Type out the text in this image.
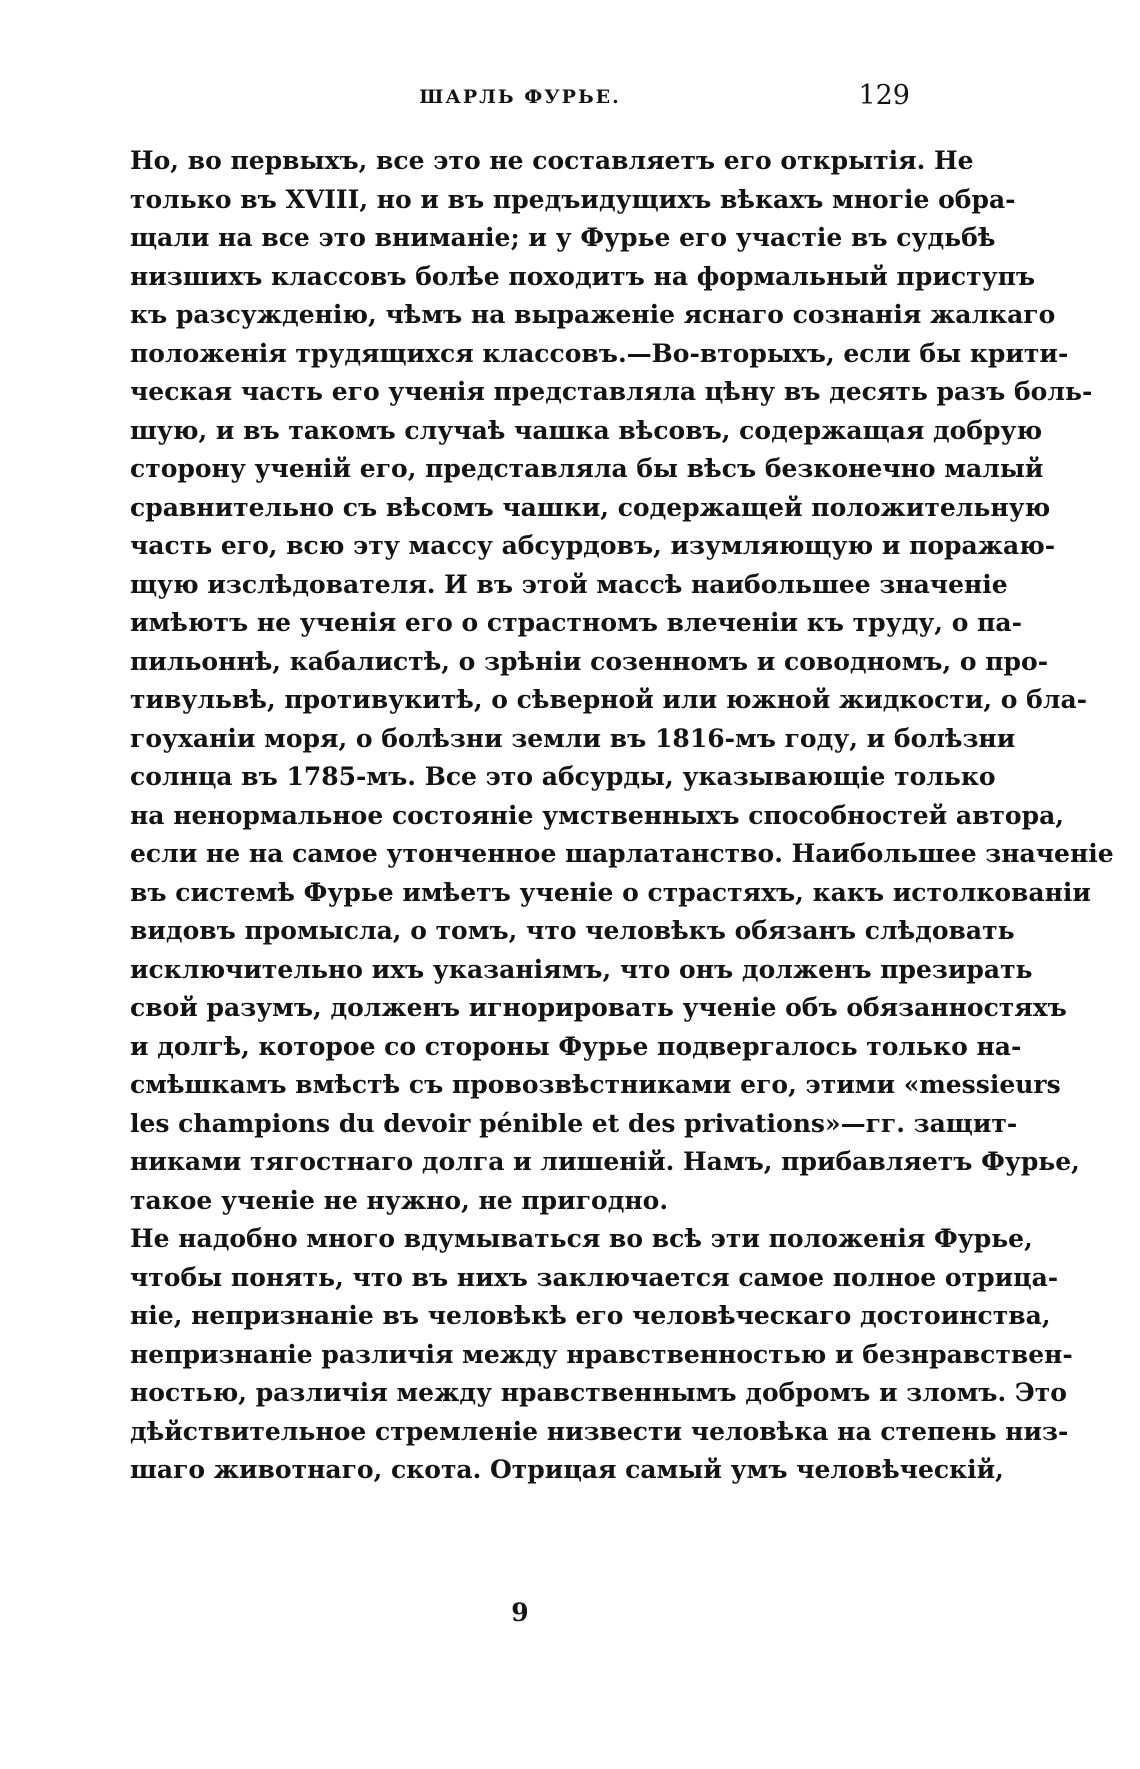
ШАРЛЬ ФУРЬЕ.	129
Но, во первыхъ, все это не составляетъ его открытія. Не
только въ XVIII, но и въ предъидущихъ вѣкахъ многіе обра-
щали на все это вниманіе; и у Фурье его участіе въ судьбѣ
низшихъ классовъ болѣе походитъ на формальный приступъ
къ разсужденію, чѣмъ на выраженіе яснаго сознанія жалкаго
положенія трудящихся классовъ.—Во-вторыхъ, если бы крити-
ческая часть его ученія представляла цѣну въ десять разъ боль-
шую, и въ такомъ случаѣ чашка вѣсовъ, содержащая добрую
сторону ученій его, представляла бы вѣсъ безконечно малый
сравнительно съ вѣсомъ чашки, содержащей положительную
часть его, всю эту массу абсурдовъ, изумляющую и поражаю-
щую изслѣдователя. И въ этой массѣ наибольшее значеніе
имѣютъ не ученія его о страстномъ влеченіи къ труду, о па-
пильоннѣ, кабалистѣ, о зрѣніи созенномъ и соводномъ, о про-
тивульвѣ, противукитѣ, о сѣверной или южной жидкости, о бла-
гоуханіи моря, о болѣзни земли въ 1816-мъ году, и болѣзни
солнца въ 1785-мъ. Все это абсурды, указывающіе только
на ненормальное состояніе умственныхъ способностей автора,
если не на самое утонченное шарлатанство. Наибольшее значеніе
въ системѣ Фурье имѣетъ ученіе о страстяхъ, какъ истолкованіи
видовъ промысла, о томъ, что человѣкъ обязанъ слѣдовать
исключительно ихъ указаніямъ, что онъ долженъ презирать
свой разумъ, долженъ игнорировать ученіе объ обязанностяхъ
и долгѣ, которое со стороны Фурье подвергалось только на-
смѣшкамъ вмѣстѣ съ провозвѣстниками его, этими «messieurs
les champions du devoir pénible et des privations»—гг. защит-
никами тягостнаго долга и лишеній. Намъ, прибавляетъ Фурье,
такое ученіе не нужно, не пригодно.
Не надобно много вдумываться во всѣ эти положенія Фурье,
чтобы понять, что въ нихъ заключается самое полное отрица-
ніе, непризнаніе въ человѣкѣ его человѣческаго достоинства,
непризнаніе различія между нравственностью и безнравствен-
ностью, различія между нравственнымъ добромъ и зломъ. Это
дѣйствительное стремленіе низвести человѣка на степень низ-
шаго животнаго, скота. Отрицая самый умъ человѣческій,
9
